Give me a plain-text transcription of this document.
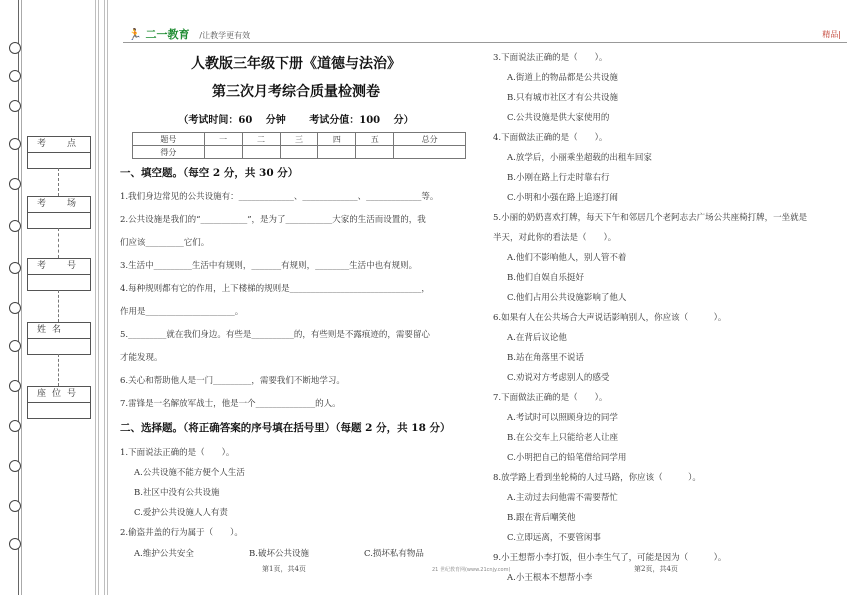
考　点
考　场
考　号
姓名
座位号
🏃 二一教育 /让教学更有效	精品|
人教版三年级下册《道德与法治》
第三次月考综合质量检测卷
（考试时间：60 分钟　 考试分值：100 分）
题号	一	二	三	四	五	总分
得分						
一、填空题。（每空 2 分，共 30 分）
1.我们身边常见的公共设施有：_____________、_____________、_____________等。
2.公共设施是我们的“___________”，是为了___________大家的生活而设置的，我
们应该_________它们。
3.生活中_________生活中有规则，_______有规则，________生活中也有规则。
4.每种规则都有它的作用，上下楼梯的规则是_______________________________，
作用是_____________________。
5._________就在我们身边。有些是__________的，有些则是不露痕迹的，需要留心
才能发现。
6.关心和帮助他人是一门_________，需要我们不断地学习。
7.雷锋是一名解放军战士，他是一个______________的人。
二、选择题。（将正确答案的序号填在括号里）（每题 2 分，共 18 分）
1.下面说法正确的是（　　）。
A.公共设施不能方便个人生活
B.社区中没有公共设施
C.爱护公共设施人人有责
2.偷盗井盖的行为属于（　　）。
A.维护公共安全	B.破坏公共设施	C.损坏私有物品
3.下面说法正确的是（　　）。
A.街道上的物品都是公共设施
B.只有城市社区才有公共设施
C.公共设施是供大家使用的
4.下面做法正确的是（　　）。
A.放学后，小丽乘坐超载的出租车回家
B.小刚在路上行走时靠右行
C.小明和小强在路上追逐打闹
5.小丽的奶奶喜欢打牌，每天下午和邻居几个老阿志去广场公共座椅打牌，一坐就是
半天，对此你的看法是（　　）。
A.他们不影响他人，别人管不着
B.他们自娱自乐挺好
C.他们占用公共设施影响了他人
6.如果有人在公共场合大声说话影响别人，你应该（　　　）。
A.在背后议论他
B.站在角落里不说话
C.劝说对方考虑别人的感受
7.下面做法正确的是（　　）。
A.考试时可以照顾身边的同学
B.在公交车上只能给老人让座
C.小明把自己的铅笔借给同学用
8.放学路上看到坐轮椅的人过马路，你应该（　　　）。
A.主动过去问他需不需要帮忙
B.跟在背后嘲笑他
C.立即远离，不要管闲事
9.小王想帮小李打饭，但小李生气了，可能是因为（　　　）。
A.小王根本不想帮小李
第1页，共4页	21 世纪教育网(www.21cnjy.com)	第2页，共4页
